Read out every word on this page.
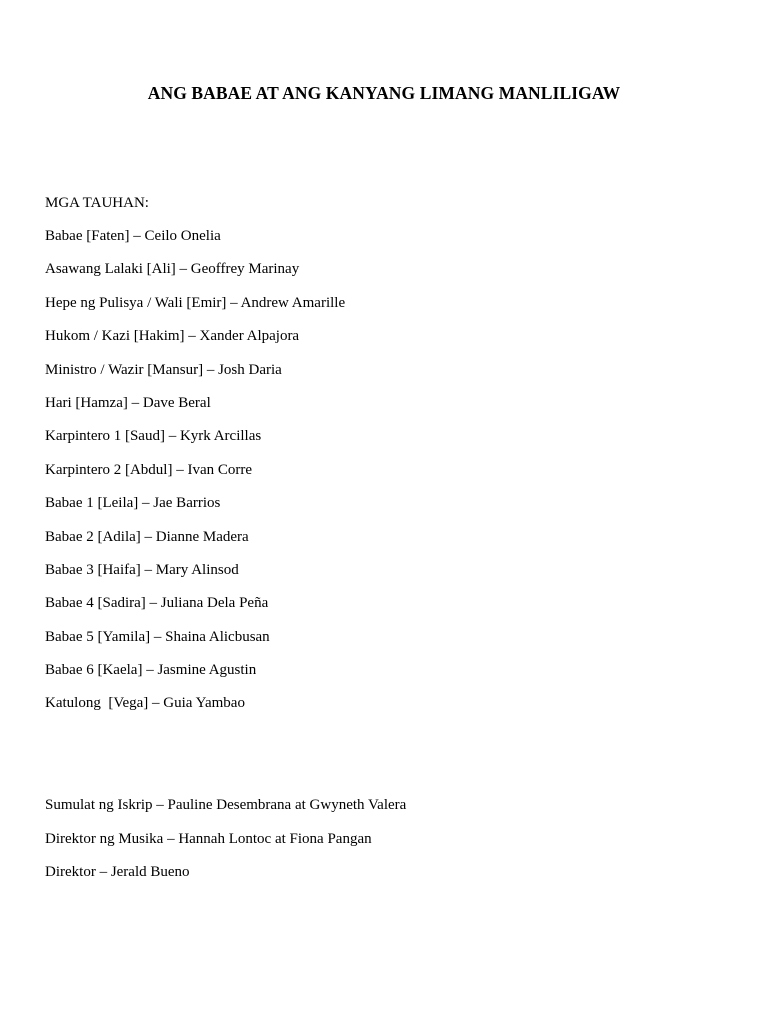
ANG BABAE AT ANG KANYANG LIMANG MANLILIGAW
MGA TAUHAN:
Babae [Faten] – Ceilo Onelia
Asawang Lalaki [Ali] – Geoffrey Marinay
Hepe ng Pulisya / Wali [Emir] – Andrew Amarille
Hukom / Kazi [Hakim] – Xander Alpajora
Ministro / Wazir [Mansur] – Josh Daria
Hari [Hamza] – Dave Beral
Karpintero 1 [Saud] – Kyrk Arcillas
Karpintero 2 [Abdul] – Ivan Corre
Babae 1 [Leila] – Jae Barrios
Babae 2 [Adila] – Dianne Madera
Babae 3 [Haifa] – Mary Alinsod
Babae 4 [Sadira] – Juliana Dela Peña
Babae 5 [Yamila] – Shaina Alicbusan
Babae 6 [Kaela] – Jasmine Agustin
Katulong  [Vega] – Guia Yambao
Sumulat ng Iskrip – Pauline Desembrana at Gwyneth Valera
Direktor ng Musika – Hannah Lontoc at Fiona Pangan
Direktor – Jerald Bueno
